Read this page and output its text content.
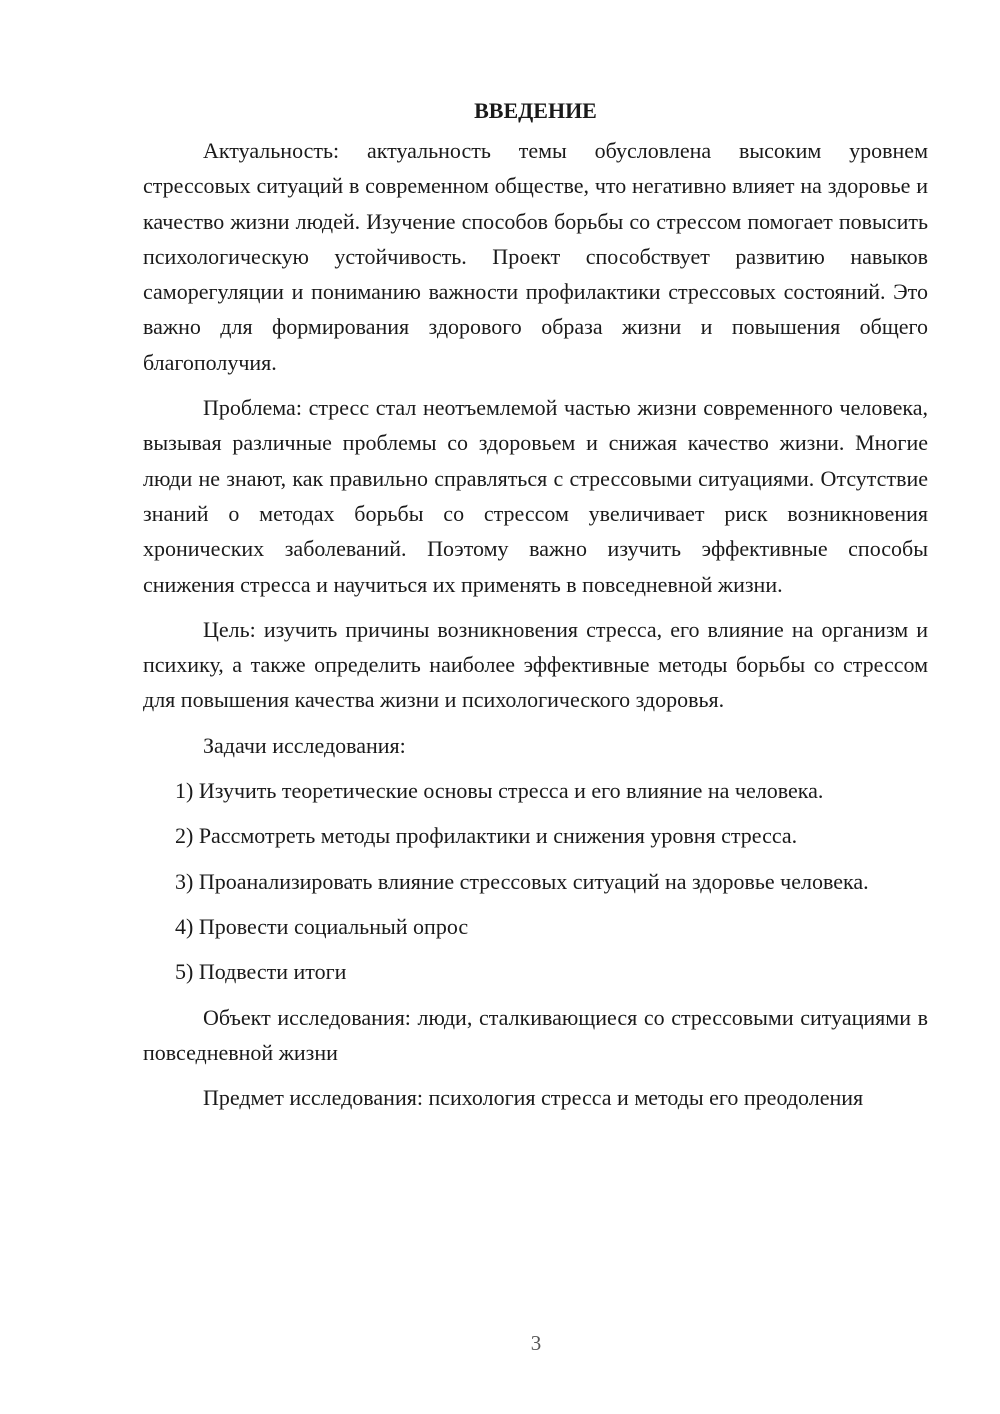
ВВЕДЕНИЕ

Актуальность: актуальность темы обусловлена высоким уровнем стрессовых ситуаций в современном обществе, что негативно влияет на здоровье и качество жизни людей. Изучение способов борьбы со стрессом помогает повысить психологическую устойчивость. Проект способствует развитию навыков саморегуляции и пониманию важности профилактики стрессовых состояний. Это важно для формирования здорового образа жизни и повышения общего благополучия.

Проблема: стресс стал неотъемлемой частью жизни современного человека, вызывая различные проблемы со здоровьем и снижая качество жизни. Многие люди не знают, как правильно справляться с стрессовыми ситуациями. Отсутствие знаний о методах борьбы со стрессом увеличивает риск возникновения хронических заболеваний. Поэтому важно изучить эффективные способы снижения стресса и научиться их применять в повседневной жизни.

Цель: изучить причины возникновения стресса, его влияние на организм и психику, а также определить наиболее эффективные методы борьбы со стрессом для повышения качества жизни и психологического здоровья.

Задачи исследования:

1) Изучить теоретические основы стресса и его влияние на человека.

2) Рассмотреть методы профилактики и снижения уровня стресса.

3) Проанализировать влияние стрессовых ситуаций на здоровье человека.

4) Провести социальный опрос

5) Подвести итоги

Объект исследования: люди, сталкивающиеся со стрессовыми ситуациями в повседневной жизни

Предмет исследования: психология стресса и методы его преодоления

3
